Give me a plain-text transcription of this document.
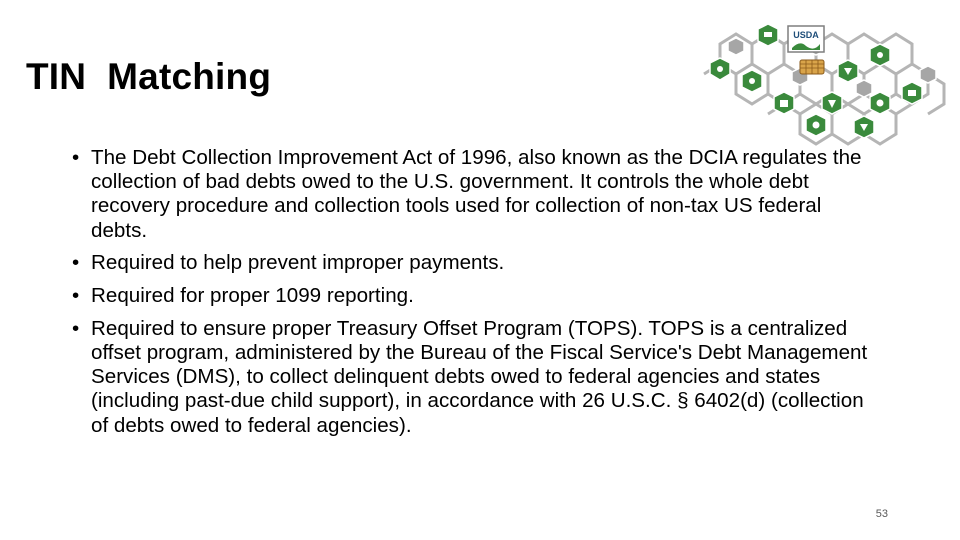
TIN  Matching
USDA
• The Debt Collection Improvement Act of 1996, also known as the DCIA regulates the collection of bad debts owed to the U.S. government. It controls the whole debt recovery procedure and collection tools used for collection of non-tax US federal debts.
• Required to help prevent improper payments.
• Required for proper 1099 reporting.
• Required to ensure proper Treasury Offset Program (TOPS). TOPS is a centralized offset program, administered by the Bureau of the Fiscal Service's Debt Management Services (DMS), to collect delinquent debts owed to federal agencies and states (including past-due child support), in accordance with 26 U.S.C. § 6402(d) (collection of debts owed to federal agencies).
53
